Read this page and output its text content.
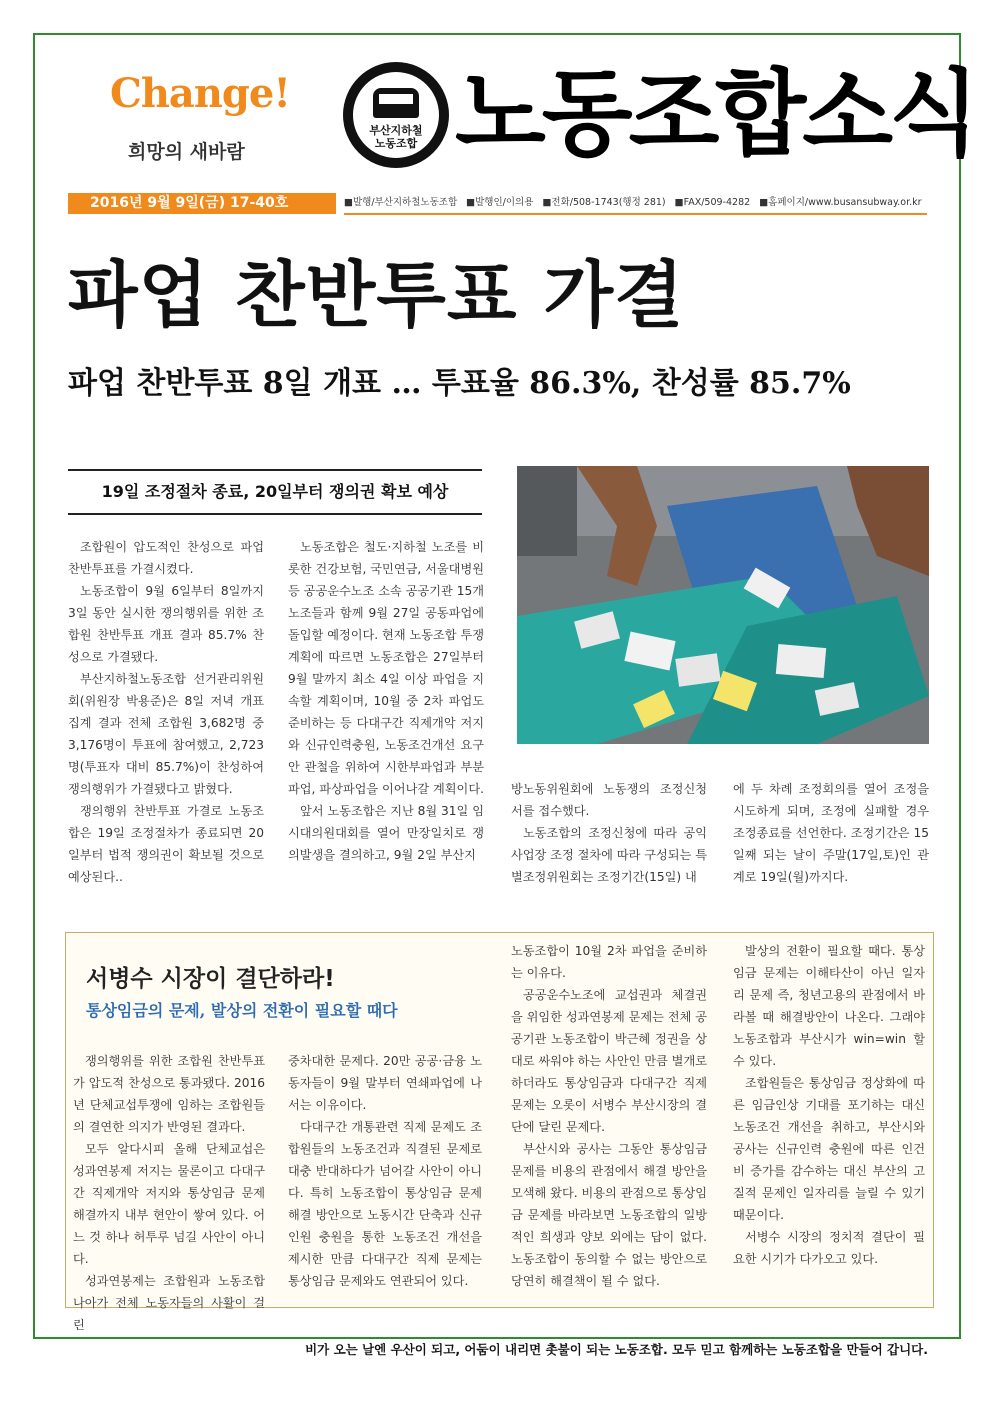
Change!
희망의 새바람
부산지하철
노동조합 노동조합소식
2016년 9월 9일(금) 17-40호	■발행/부산지하철노동조합 ■발행인/이의용 ■전화/508-1743(행정 281) ■FAX/509-4282 ■홈페이지/www.busansubway.or.kr
파업 찬반투표 가결
파업 찬반투표 8일 개표 … 투표율 86.3%, 찬성률 85.7%
19일 조정절차 종료, 20일부터 쟁의권 확보 예상

조합원이 압도적인 찬성으로 파업 찬반투표를 가결시켰다.

노동조합이 9월 6일부터 8일까지 3일 동안 실시한 쟁의행위를 위한 조합원 찬반투표 개표 결과 85.7% 찬성으로 가결됐다.

부산지하철노동조합 선거관리위원회(위원장 박용준)은 8일 저녁 개표 집계 결과 전체 조합원 3,682명 중 3,176명이 투표에 참여했고, 2,723명(투표자 대비 85.7%)이 찬성하여 쟁의행위가 가결됐다고 밝혔다.

쟁의행위 찬반투표 가결로 노동조합은 19일 조정절차가 종료되면 20일부터 법적 쟁의권이 확보될 것으로 예상된다..

노동조합은 철도·지하철 노조를 비롯한 건강보험, 국민연금, 서울대병원 등 공공운수노조 소속 공공기관 15개 노조들과 함께 9월 27일 공동파업에 돌입할 예정이다. 현재 노동조합 투쟁계획에 따르면 노동조합은 27일부터 9월 말까지 최소 4일 이상 파업을 지속할 계획이며, 10월 중 2차 파업도 준비하는 등 다대구간 직제개악 저지와 신규인력충원, 노동조건개선 요구안 관철을 위하여 시한부파업과 부분파업, 파상파업을 이어나갈 계획이다.

앞서 노동조합은 지난 8월 31일 임시대의원대회를 열어 만장일치로 쟁의발생을 결의하고, 9월 2일 부산지

방노동위원회에 노동쟁의 조정신청서를 접수했다.

노동조합의 조정신청에 따라 공익사업장 조정 절차에 따라 구성되는 특별조정위원회는 조정기간(15일) 내

에 두 차례 조정회의를 열어 조정을 시도하게 되며, 조정에 실패할 경우 조정종료를 선언한다. 조정기간은 15일째 되는 날이 주말(17일,토)인 관계로 19일(월)까지다.

서병수 시장이 결단하라!
통상임금의 문제, 발상의 전환이 필요할 때다

쟁의행위를 위한 조합원 찬반투표가 압도적 찬성으로 통과됐다. 2016년 단체교섭투쟁에 임하는 조합원들의 결연한 의지가 반영된 결과다.

모두 알다시피 올해 단체교섭은 성과연봉제 저지는 물론이고 다대구간 직제개악 저지와 통상임금 문제 해결까지 내부 현안이 쌓여 있다. 어느 것 하나 허투루 넘길 사안이 아니다.

성과연봉제는 조합원과 노동조합 나아가 전체 노동자들의 사활이 걸린

중차대한 문제다. 20만 공공·금융 노동자들이 9월 말부터 연쇄파업에 나서는 이유이다.

다대구간 개통관련 직제 문제도 조합원들의 노동조건과 직결된 문제로 대충 반대하다가 넘어갈 사안이 아니다. 특히 노동조합이 통상임금 문제 해결 방안으로 노동시간 단축과 신규인원 충원을 통한 노동조건 개선을 제시한 만큼 다대구간 직제 문제는 통상임금 문제와도 연관되어 있다.

노동조합이 10월 2차 파업을 준비하는 이유다.

공공운수노조에 교섭권과 체결권을 위임한 성과연봉제 문제는 전체 공공기관 노동조합이 박근혜 정권을 상대로 싸워야 하는 사안인 만큼 별개로 하더라도 통상임금과 다대구간 직제 문제는 오롯이 서병수 부산시장의 결단에 달린 문제다.

부산시와 공사는 그동안 통상임금 문제를 비용의 관점에서 해결 방안을 모색해 왔다. 비용의 관점으로 통상임금 문제를 바라보면 노동조합의 일방적인 희생과 양보 외에는 답이 없다. 노동조합이 동의할 수 없는 방안으로 당연히 해결책이 될 수 없다.

발상의 전환이 필요할 때다. 통상임금 문제는 이해타산이 아닌 일자리 문제 즉, 청년고용의 관점에서 바라볼 때 해결방안이 나온다. 그래야 노동조합과 부산시가 win=win 할 수 있다.

조합원들은 통상임금 정상화에 따른 임금인상 기대를 포기하는 대신 노동조건 개선을 취하고, 부산시와 공사는 신규인력 충원에 따른 인건비 증가를 감수하는 대신 부산의 고질적 문제인 일자리를 늘릴 수 있기 때문이다.

서병수 시장의 정치적 결단이 필요한 시기가 다가오고 있다.

비가 오는 날엔 우산이 되고, 어둠이 내리면 촛불이 되는 노동조합. 모두 믿고 함께하는 노동조합을 만들어 갑니다.
